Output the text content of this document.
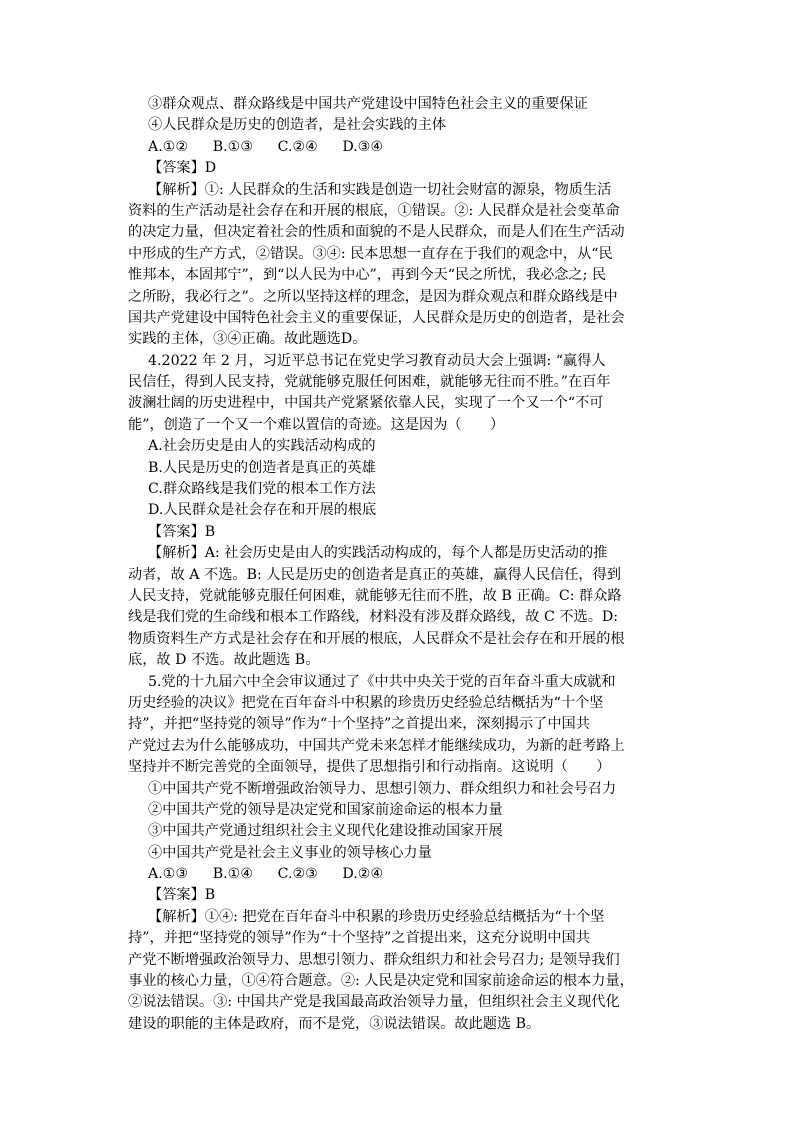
③群众观点、群众路线是中国共产党建设中国特色社会主义的重要保证
④人民群众是历史的创造者，是社会实践的主体
A.①② B.①③ C.②④ D.③④
【答案】D
【解析】①: 人民群众的生活和实践是创造一切社会财富的源泉，物质生活
资料的生产活动是社会存在和开展的根底，①错误。②: 人民群众是社会变革命
的决定力量，但决定着社会的性质和面貌的不是人民群众，而是人们在生产活动
中形成的生产方式，②错误。③④: 民本思想一直存在于我们的观念中，从“民
惟邦本，本固邦宁”，到“以人民为中心”，再到今天“民之所忧，我必念之; 民
之所盼，我必行之”。之所以坚持这样的理念，是因为群众观点和群众路线是中
国共产党建设中国特色社会主义的重要保证，人民群众是历史的创造者，是社会
实践的主体，③④正确。故此题选D。
4.2022 年 2 月，习近平总书记在党史学习教育动员大会上强调: “赢得人
民信任，得到人民支持，党就能够克服任何困难，就能够无往而不胜。”在百年
波澜壮阔的历史进程中，中国共产党紧紧依靠人民，实现了一个又一个“不可
能”，创造了一个又一个难以置信的奇迹。这是因为（　　）
A.社会历史是由人的实践活动构成的
B.人民是历史的创造者是真正的英雄
C.群众路线是我们党的根本工作方法
D.人民群众是社会存在和开展的根底
【答案】B
【解析】A: 社会历史是由人的实践活动构成的，每个人都是历史活动的推
动者，故 A 不选。B: 人民是历史的创造者是真正的英雄，赢得人民信任，得到
人民支持，党就能够克服任何困难，就能够无往而不胜，故 B 正确。C: 群众路
线是我们党的生命线和根本工作路线，材料没有涉及群众路线，故 C 不选。D:
物质资料生产方式是社会存在和开展的根底，人民群众不是社会存在和开展的根
底，故 D 不选。故此题选 B。
5.党的十九届六中全会审议通过了《中共中央关于党的百年奋斗重大成就和
历史经验的决议》把党在百年奋斗中积累的珍贵历史经验总结概括为“十个坚
持”，并把“坚持党的领导”作为“十个坚持”之首提出来，深刻揭示了中国共
产党过去为什么能够成功，中国共产党未来怎样才能继续成功，为新的赶考路上
坚持并不断完善党的全面领导，提供了思想指引和行动指南。这说明（　　）
①中国共产党不断增强政治领导力、思想引领力、群众组织力和社会号召力
②中国共产党的领导是决定党和国家前途命运的根本力量
③中国共产党通过组织社会主义现代化建设推动国家开展
④中国共产党是社会主义事业的领导核心力量
A.①③ B.①④ C.②③ D.②④
【答案】B
【解析】①④: 把党在百年奋斗中积累的珍贵历史经验总结概括为“十个坚
持”，并把“坚持党的领导”作为“十个坚持”之首提出来，这充分说明中国共
产党不断增强政治领导力、思想引领力、群众组织力和社会号召力; 是领导我们
事业的核心力量，①④符合题意。②: 人民是决定党和国家前途命运的根本力量，
②说法错误。③: 中国共产党是我国最高政治领导力量，但组织社会主义现代化
建设的职能的主体是政府，而不是党，③说法错误。故此题选 B。
